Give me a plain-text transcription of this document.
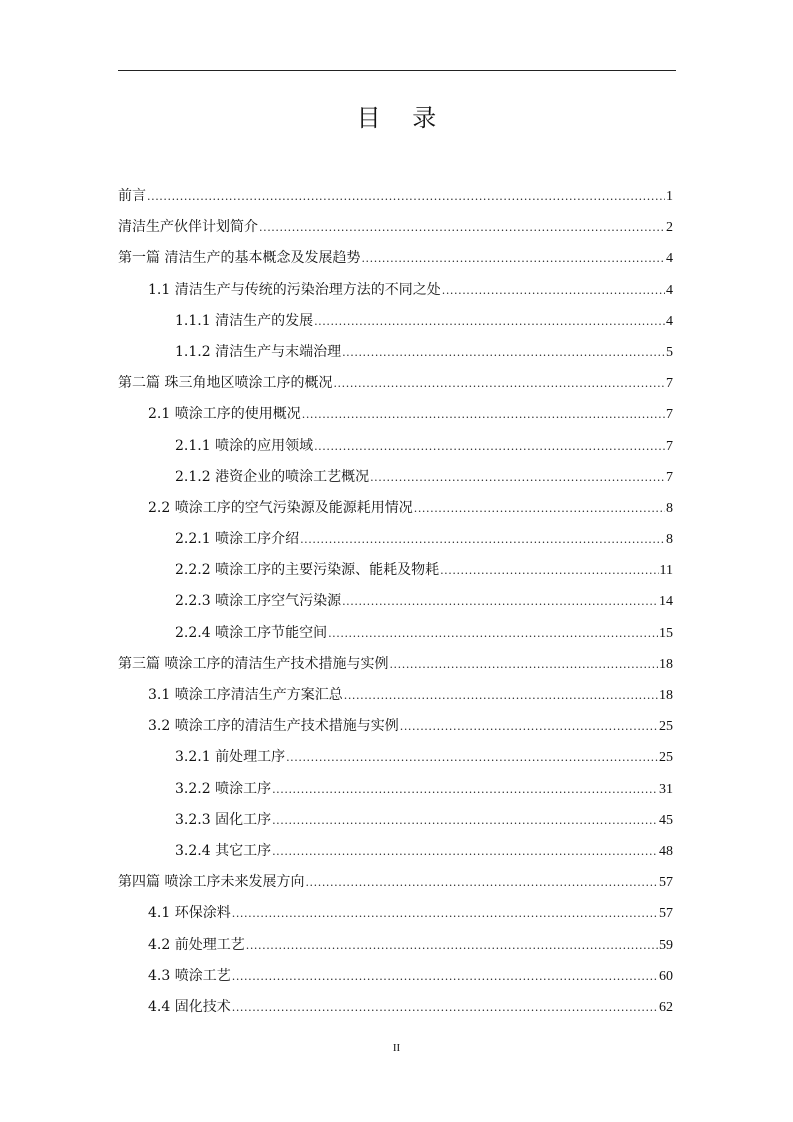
目 录
前言 .....	1
清洁生产伙伴计划简介 .....	2
第一篇 清洁生产的基本概念及发展趋势 .....	4
1.1 清洁生产与传统的污染治理方法的不同之处 .....	4
1.1.1 清洁生产的发展 .....	4
1.1.2 清洁生产与末端治理 .....	5
第二篇 珠三角地区喷涂工序的概况 .....	7
2.1 喷涂工序的使用概况 .....	7
2.1.1 喷涂的应用领域 .....	7
2.1.2 港资企业的喷涂工艺概况 .....	7
2.2 喷涂工序的空气污染源及能源耗用情况 .....	8
2.2.1 喷涂工序介绍 .....	8
2.2.2 喷涂工序的主要污染源、能耗及物耗 .....	11
2.2.3 喷涂工序空气污染源 .....	14
2.2.4 喷涂工序节能空间 .....	15
第三篇 喷涂工序的清洁生产技术措施与实例 .....	18
3.1 喷涂工序清洁生产方案汇总 .....	18
3.2 喷涂工序的清洁生产技术措施与实例 .....	25
3.2.1 前处理工序 .....	25
3.2.2 喷涂工序 .....	31
3.2.3 固化工序 .....	45
3.2.4 其它工序 .....	48
第四篇 喷涂工序未来发展方向 .....	57
4.1 环保涂料 .....	57
4.2 前处理工艺 .....	59
4.3 喷涂工艺 .....	60
4.4 固化技术 .....	62
II
